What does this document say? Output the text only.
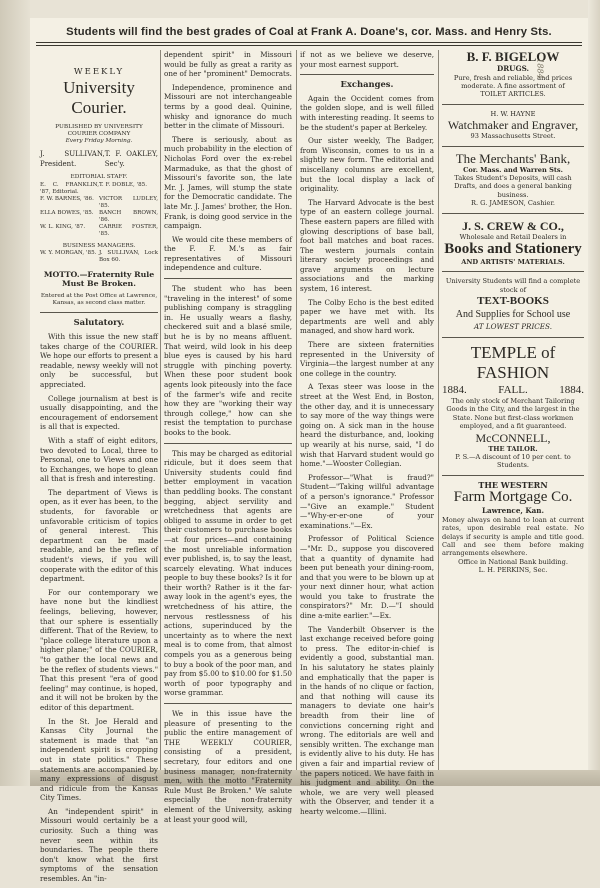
Students will find the best grades of Coal at Frank A. Doane's, cor. Mass. and Henry Sts.
WEEKLY
University Courier.
PUBLISHED BY UNIVERSITY COURIER COMPANY
Every Friday Morning.
J. SULLIVAN, President.
T. F. OAKLEY, Sec'y.
EDITORIAL STAFF.
E. C. FRANKLIN, '87, Editorial.
T. F. DOBLE, '85.
F. W. BARNES, '86. VICTOR LUDLEY, '85.
ELLA BOWES, '85. BANCH BROWN, '86.
W. L. KING, '87.	CARRIE FOSTER, '85.
BUSINESS MANAGERS.
W. Y. MORGAN, '85. J. SULLIVAN, Lock Box 60.
MOTTO.—Fraternity Rule Must Be Broken.
Entered at the Post Office at Lawrence, Kansas, as second class matter.
Salutatory.

With this issue the new staff takes charge of the COURIER. We hope our efforts to present a readable, newsy weekly will not only be successful, but appreciated.

College journalism at best is usually disappointing, and the encouragement of endorsement is all that is expected.

With a staff of eight editors, two devoted to Local, three to Personal, one to Views and one to Exchanges, we hope to glean all that is fresh and interesting.

The department of Views is open, as it ever has been, to the students, for favorable or unfavorable criticism of topics of general interest. This department can be made readable, and be the reflex of student's views, if you will cooperate with the editor of this department.

For our contemporary we have none but the kindliest feelings, believing, however, that our sphere is essentially different. That of the Review, to "place college literature upon a higher plane;" of the COURIER, "to gather the local news and be the reflex of students views." That this present "era of good feeling" may continue, is hoped, and it will not be broken by the editor of this department.

In the St. Joe Herald and Kansas City Journal the statement is made that "an independent spirit is cropping out in state politics." These statements are accompanied by many expressions of disgust and ridicule from the Kansas City Times.

An "independent spirit" in Missouri would certainly be a curiosity. Such a thing was never seen within its boundaries. The people there don't know what the first symptoms of the sensation resembles. An "in-

dependent spirit" in Missouri would be fully as great a rarity as one of her "prominent" Democrats.

Independence, prominence and Missouri are not interchangeable terms by a good deal. Quinine, whisky and ignorance do much better in the climate of Missouri.

There is seriously, about as much probability in the election of Nicholas Ford over the ex-rebel Marmaduke, as that the ghost of Missouri's favorite son, the late Mr. J. James, will stump the state for the Democratic candidate. The late Mr. J. James' brother, the Hon. Frank, is doing good service in the campaign.

We would cite these members of the F. F. M.'s as fair representatives of Missouri independence and culture.

The student who has been "traveling in the interest" of some publishing company is straggling in. He usually wears a flashy, checkered suit and a blasé smile, but he is by no means affluent. That weird, wild look in his deep blue eyes is caused by his hard struggle with pinching poverty. When these poor student book agents look piteously into the face of the farmer's wife and recite how they are "working their way through college," how can she resist the temptation to purchase books to the book.

This may be charged as editorial ridicule, but it does seem that University students could find better employment in vacation than peddling books. The constant begging, abject servility and wretchedness that agents are obliged to assume in order to get their customers to purchase books—at four prices—and containing the most unreliable information ever published, is, to say the least, scarcely elevating. What induces people to buy these books? Is it for their worth? Rather is it the far-away look in the agent's eyes, the wretchedness of his attire, the nervous restlessness of his actions, superinduced by the uncertainty as to where the next meal is to come from, that almost compels you as a generous being to buy a book of the poor man, and pay from $5.00 to $10.00 for $1.50 worth of poor typography and worse grammar.

We in this issue have the pleasure of presenting to the public the entire management of THE WEEKLY COURIER, consisting of a president, secretary, four editors and one business manager, non-fraternity men, with the motto "Fraternity Rule Must Be Broken." We salute especially the non-fraternity element of the University, asking at least your good will,

if not as we believe we deserve, your most earnest support.

Exchanges.

Again the Occident comes from the golden slope, and is well filled with interesting reading. It seems to be the student's paper at Berkeley.

Our sister weekly, The Badger, from Wisconsin, comes to us in a slightly new form. The editorial and miscellany columns are excellent, but the local display a lack of originality.

The Harvard Advocate is the best type of an eastern college journal. These eastern papers are filled with glowing descriptions of base ball, foot ball matches and boat races. The western journals contain literary society proceedings and grave arguments on lecture associations and the marking system, 16 interest.

The Colby Echo is the best edited paper we have met with. Its departments are well and ably managed, and show hard work.

There are sixteen fraternities represented in the University of Virginia—the largest number at any one college in the country.

A Texas steer was loose in the street at the West End, in Boston, the other day, and it is unnecessary to say more of the way things were going on. A sick man in the house heard the disturbance, and, looking up wearily at his nurse, said, "I do wish that Harvard student would go home."—Wooster Collegian.

Professor—"What is fraud?" Student—"Taking willful advantage of a person's ignorance." Professor—"Give an example." Student—"Why-er-er-one of your examinations."—Ex.

Professor of Political Science—"Mr. D., suppose you discovered that a quantity of dynamite had been put beneath your dining-room, and that you were to be blown up at your next dinner hour, what action would you take to frustrate the conspirators?" Mr. D.—"I should dine a-mite earlier."—Ex.

The Vanderbilt Observer is the last exchange received before going to press. The editor-in-chief is evidently a good, substantial man. In his salutatory he states plainly and emphatically that the paper is in the hands of no clique or faction, and that nothing will cause its managers to deviate one hair's breadth from their line of convictions concerning right and wrong. The editorials are well and sensibly written. The exchange man is evidently alive to his duty. He has given a fair and impartial review of the papers noticed. We have faith in his judgment and ability. On the whole, we are very well pleased with the Observer, and tender it a hearty welcome.—Illini.

B. F. BIGELOW
DRUGS.
Pure, fresh and reliable, and prices moderate. A fine assortment of
TOILET ARTICLES.
H. W. HAYNE
Watchmaker and Engraver,
93 Massachusetts Street.
The Merchants' Bank,
Cor. Mass. and Warren Sts.
Takes Student's Deposits, will cash Drafts, and does a general banking business.
R. G. JAMESON, Cashier.
J. S. CREW & CO.,
Wholesale and Retail Dealers in
Books and Stationery
AND ARTISTS' MATERIALS.
University Students will find a complete stock of
TEXT-BOOKS
And Supplies for School use
AT LOWEST PRICES.
TEMPLE of FASHION
1884.	FALL.	1884.
The only stock of Merchant Tailoring Goods in the City, and the largest in the State. None but first-class workmen employed, and a fit guaranteed.
McCONNELL,
THE TAILOR.
P. S.—A discount of 10 per cent. to Students.
THE WESTERN
Farm Mortgage Co.
Lawrence, Kan.
Money always on hand to loan at current rates, upon desirable real estate. No delays if security is ample and title good. Call and see them before making arrangements elsewhere.
Office in National Bank building.
L. H. PERKINS, Sec.
1884
